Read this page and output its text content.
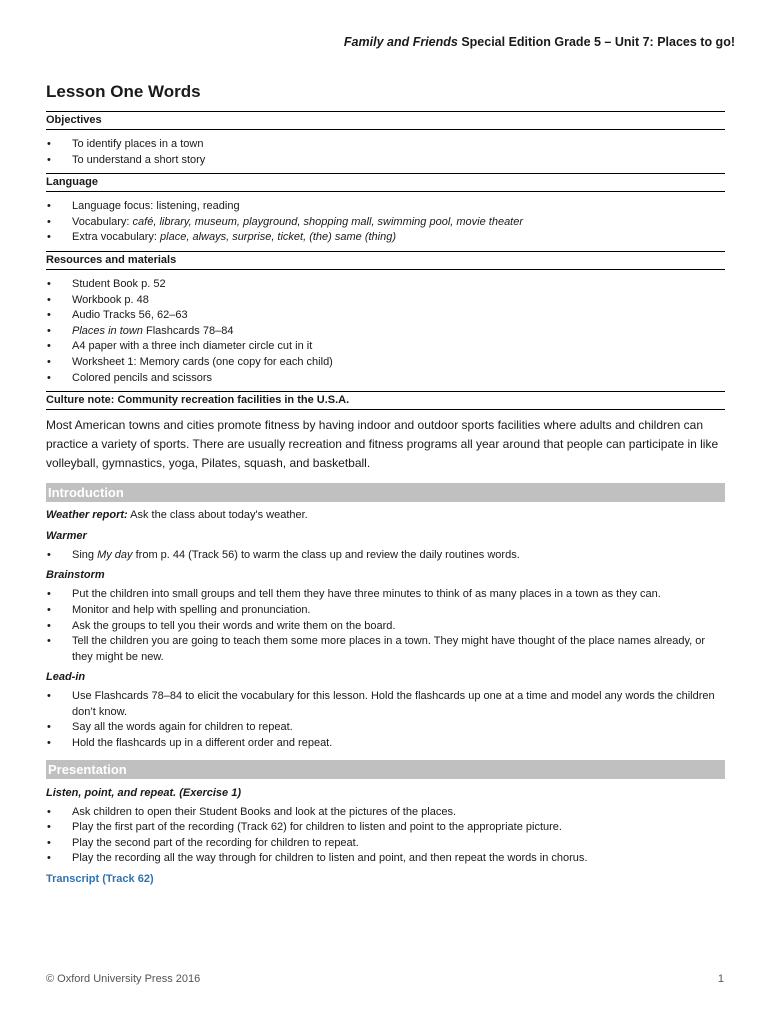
Family and Friends Special Edition Grade 5 – Unit 7: Places to go!
Lesson One Words
Objectives
• To identify places in a town
• To understand a short story
Language
• Language focus: listening, reading
• Vocabulary: café, library, museum, playground, shopping mall, swimming pool, movie theater
• Extra vocabulary: place, always, surprise, ticket, (the) same (thing)
Resources and materials
• Student Book p. 52
• Workbook p. 48
• Audio Tracks 56, 62–63
• Places in town Flashcards 78–84
• A4 paper with a three inch diameter circle cut in it
• Worksheet 1: Memory cards (one copy for each child)
• Colored pencils and scissors
Culture note: Community recreation facilities in the U.S.A.
Most American towns and cities promote fitness by having indoor and outdoor sports facilities where adults and children can practice a variety of sports. There are usually recreation and fitness programs all year around that people can participate in like volleyball, gymnastics, yoga, Pilates, squash, and basketball.
Introduction
Weather report: Ask the class about today's weather.
Warmer
• Sing My day from p. 44 (Track 56) to warm the class up and review the daily routines words.
Brainstorm
• Put the children into small groups and tell them they have three minutes to think of as many places in a town as they can.
• Monitor and help with spelling and pronunciation.
• Ask the groups to tell you their words and write them on the board.
• Tell the children you are going to teach them some more places in a town. They might have thought of the place names already, or they might be new.
Lead-in
• Use Flashcards 78–84 to elicit the vocabulary for this lesson. Hold the flashcards up one at a time and model any words the children don’t know.
• Say all the words again for children to repeat.
• Hold the flashcards up in a different order and repeat.
Presentation
Listen, point, and repeat. (Exercise 1)
• Ask children to open their Student Books and look at the pictures of the places.
• Play the first part of the recording (Track 62) for children to listen and point to the appropriate picture.
• Play the second part of the recording for children to repeat.
• Play the recording all the way through for children to listen and point, and then repeat the words in chorus.
Transcript (Track 62)
© Oxford University Press 2016	1
